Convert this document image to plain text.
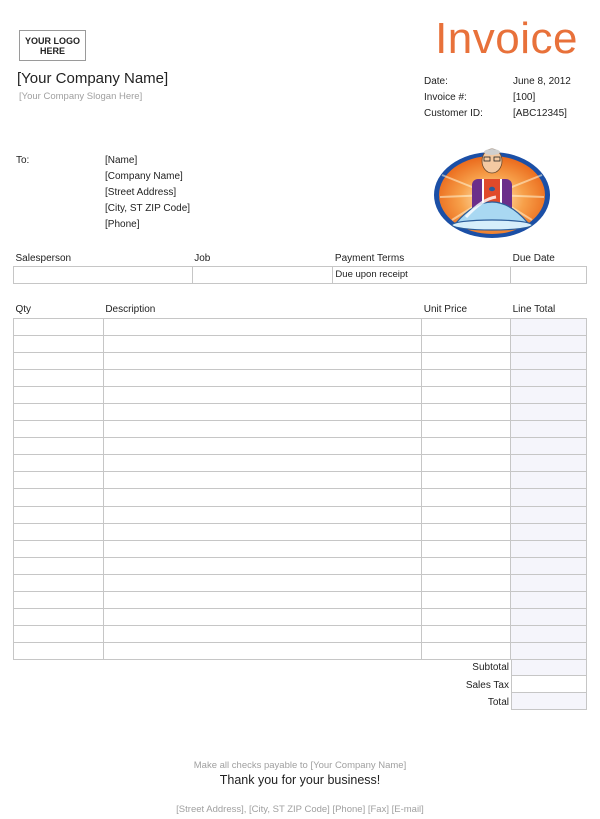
YOUR LOGO
HERE	Invoice
[Your Company Name]
[Your Company Slogan Here]
Date:	June 8, 2012
Invoice #:	[100]
Customer ID:	[ABC12345]
To:	[Name]
[Company Name]
[Street Address]
[City, ST ZIP Code]
[Phone]
Salesperson	Job	Payment Terms	Due Date
		Due upon receipt	
Qty	Description	Unit Price	Line Total

Subtotal
Sales Tax
Total
Make all checks payable to [Your Company Name]
Thank you for your business!
[Street Address], [City, ST ZIP Code] [Phone] [Fax] [E-mail]
